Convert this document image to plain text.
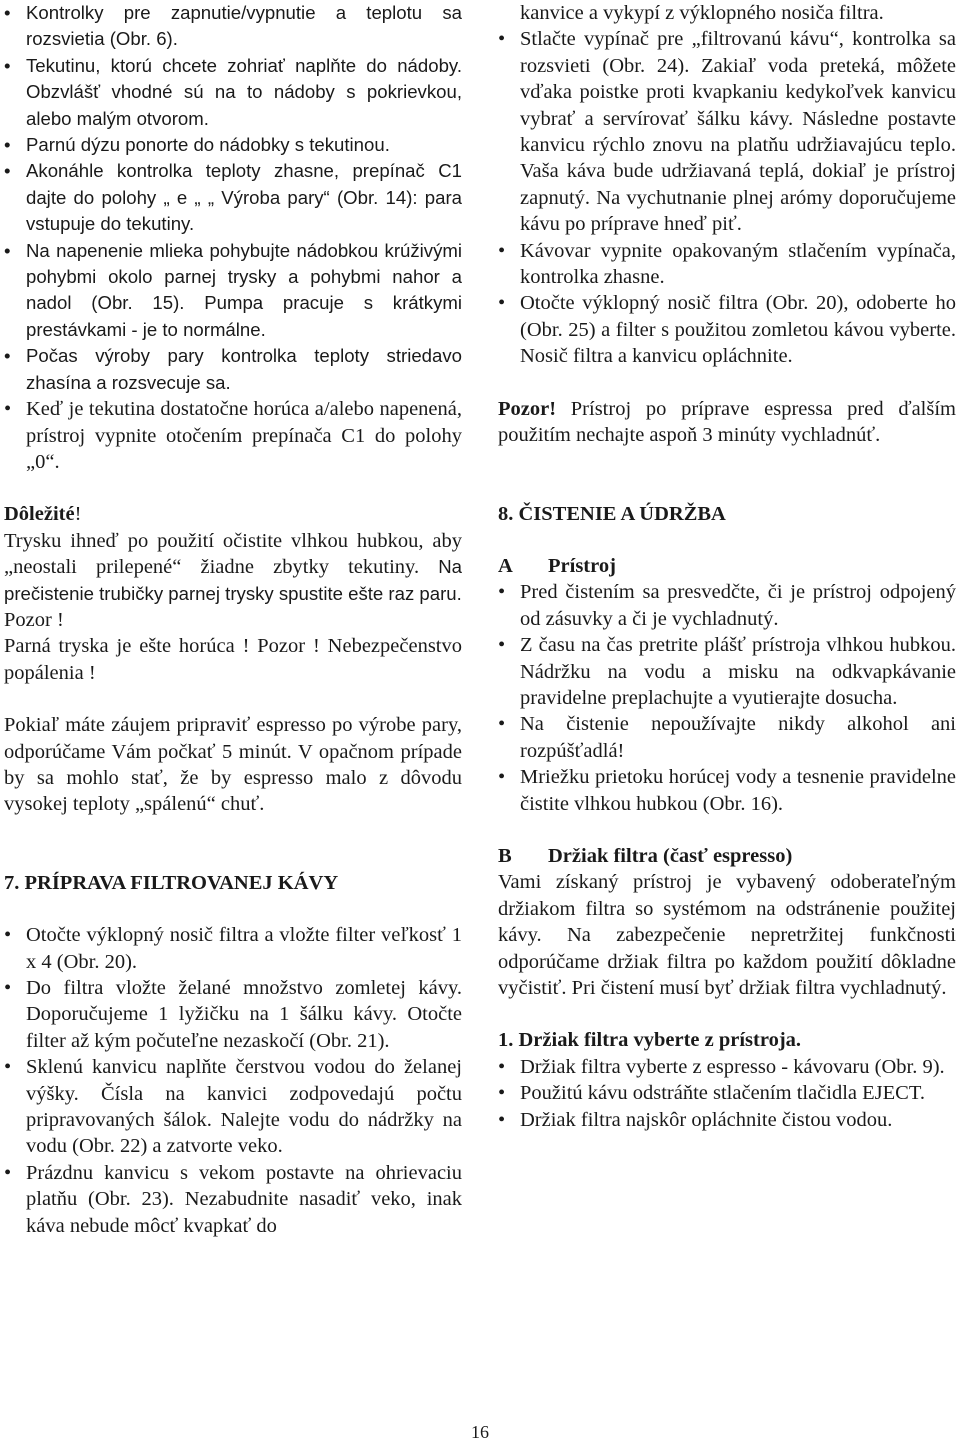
• Kontrolky pre zapnutie/vypnutie a teplotu sa rozsvietia (Obr. 6).
• Tekutinu, ktorú chcete zohriať naplňte do nádoby. Obzvlášť vhodné sú na to nádoby s pokrievkou, alebo malým otvorom.
• Parnú dýzu ponorte do nádobky s tekutinou.
• Akonáhle kontrolka teploty zhasne, prepínač C1 dajte do polohy „ e „ „ Výroba pary“ (Obr. 14): para vstupuje do tekutiny.
• Na napenenie mlieka pohybujte nádobkou krúživými pohybmi okolo parnej trysky a pohybmi nahor a nadol (Obr. 15). Pumpa pracuje s krátkymi prestávkami - je to normálne.
• Počas výroby pary kontrolka teploty striedavo zhasína a rozsvecuje sa.
• Keď je tekutina dostatočne horúca a/alebo napenená, prístroj vypnite otočením prepínača C1 do polohy „0“.

Dôležité!

Trysku ihneď po použití očistite vlhkou hubkou, aby „neostali prilepené“ žiadne zbytky tekutiny. Na prečistenie trubičky parnej trysky spustite ešte raz paru.

Pozor !

Parná tryska je ešte horúca ! Pozor ! Nebezpečenstvo popálenia !

Pokiaľ máte záujem pripraviť espresso po výrobe pary, odporúčame Vám počkať 5 minút. V opačnom prípade by sa mohlo stať, že by espresso malo z dôvodu vysokej teploty „spálenú“ chuť.

7. PRÍPRAVA FILTROVANEJ KÁVY
• Otočte výklopný nosič filtra a vložte filter veľkosť 1 x 4 (Obr. 20).
• Do filtra vložte želané množstvo zomletej kávy. Doporučujeme 1 lyžičku na 1 šálku kávy. Otočte filter až kým počuteľne nezaskočí (Obr. 21).
• Sklenú kanvicu naplňte čerstvou vodou do želanej výšky. Čísla na kanvici zodpovedajú počtu pripravovaných šálok. Nalejte vodu do nádržky na vodu (Obr. 22) a zatvorte veko.
• Prázdnu kanvicu s vekom postavte na ohrievaciu platňu (Obr. 23). Nezabudnite nasadiť veko, inak káva nebude môcť kvapkať do

kanvice a vykypí z výklopného nosiča filtra.

• Stlačte vypínač pre „filtrovanú kávu“, kontrolka sa rozsvieti (Obr. 24). Zakiaľ voda preteká, môžete vďaka poistke proti kvapkaniu kedykoľvek kanvicu vybrať a servírovať šálku kávy. Následne postavte kanvicu rýchlo znovu na platňu udržiavajúcu teplo. Vaša káva bude udržiavaná teplá, dokiaľ je prístroj zapnutý. Na vychutnanie plnej arómy doporučujeme kávu po príprave hneď piť.
• Kávovar vypnite opakovaným stlačením vypínača, kontrolka zhasne.
• Otočte výklopný nosič filtra (Obr. 20), odoberte ho (Obr. 25) a filter s použitou zomletou kávou vyberte. Nosič filtra a kanvicu opláchnite.

Pozor! Prístroj po príprave espressa pred ďalším použitím nechajte aspoň 3 minúty vychladnúť.

8. ČISTENIE A ÚDRŽBA
A	Prístroj
• Pred čistením sa presvedčte, či je prístroj odpojený od zásuvky a či je vychladnutý.
• Z času na čas pretrite plášť prístroja vlhkou hubkou. Nádržku na vodu a misku na odkvapkávanie pravidelne preplachujte a vyutierajte dosucha.
• Na čistenie nepoužívajte nikdy alkohol ani rozpúšťadlá!
• Mriežku prietoku horúcej vody a tesnenie pravidelne čistite vlhkou hubkou (Obr. 16).
B	Držiak filtra (časť espresso)

Vami získaný prístroj je vybavený odoberateľným držiakom filtra so systémom na odstránenie použitej kávy. Na zabezpečenie nepretržitej funkčnosti odporúčame držiak filtra po každom použití dôkladne vyčistiť. Pri čistení musí byť držiak filtra vychladnutý.

1. Držiak filtra vyberte z prístroja.

• Držiak filtra vyberte z espresso - kávovaru (Obr. 9).
• Použitú kávu odstráňte stlačením tlačidla EJECT.
• Držiak filtra najskôr opláchnite čistou vodou.
16
